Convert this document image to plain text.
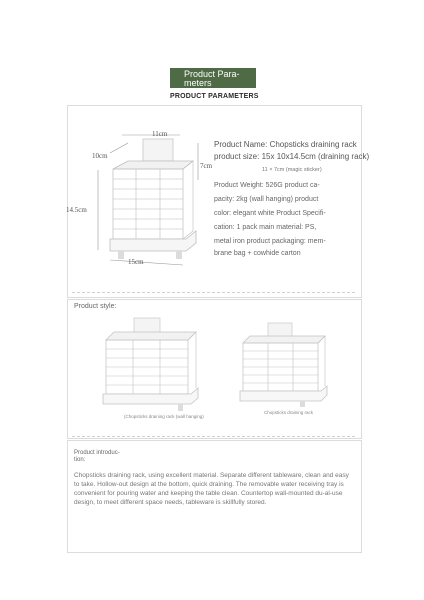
Product Para- meters
PRODUCT PARAMETERS
11cm
10cm
14.5cm
7cm
15cm
Product Name: Chopsticks draining rack
product size: 15x 10x14.5cm (draining rack)
11 × 7cm (magic sticker)
Product Weight: 526G product ca-
pacity: 2kg (wall hanging) product
color: elegant white Product Specifi-
cation: 1 pack main material: PS,
metal iron product packaging: mem-
brane bag + cowhide carton
Product style:
(Chopsticks draining rack (wall hanging)
Chopsticks draining rack
Product introduc- tion:
Chopsticks draining rack, using excellent material. Separate different tableware, clean and easy to take. Hollow-out design at the bottom, quick draining. The removable water receiving tray is convenient for pouring water and keeping the table clean. Countertop wall-mounted du-al-use design, to meet different space needs, tableware is skillfully stored.
